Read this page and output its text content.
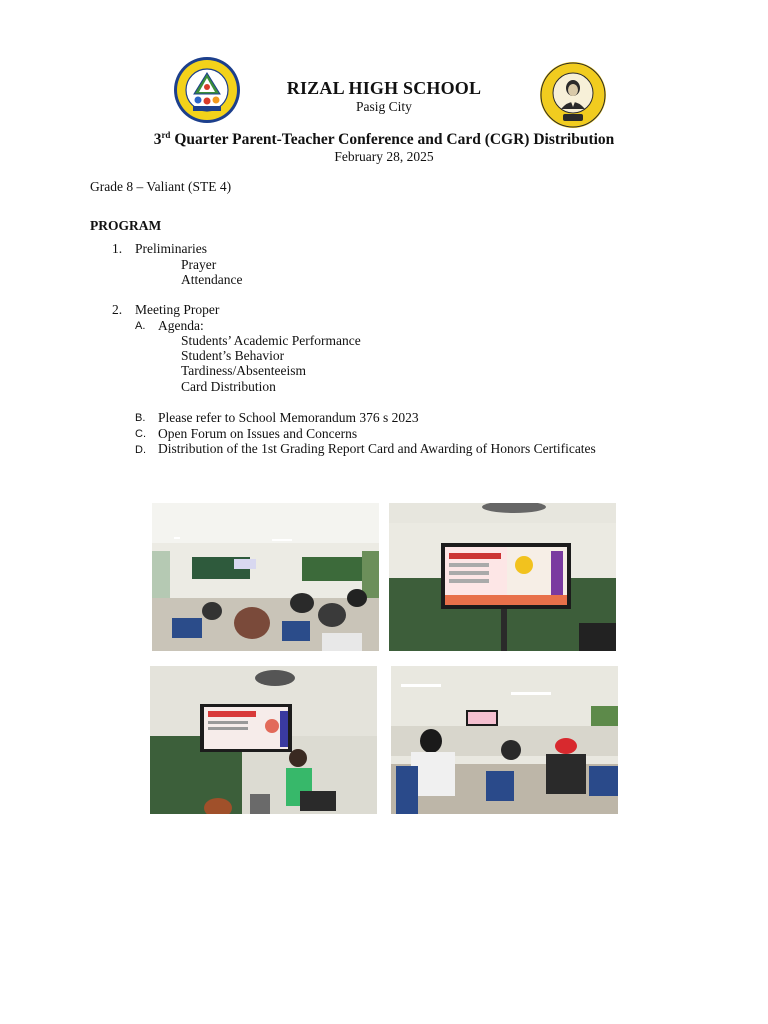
RIZAL HIGH SCHOOL
Pasig City
3rd Quarter Parent-Teacher Conference and Card (CGR) Distribution
February 28, 2025
Grade 8 – Valiant (STE 4)
PROGRAM
1. Preliminaries
Prayer
Attendance
2. Meeting Proper
A. Agenda:
Students’ Academic Performance
Student’s Behavior
Tardiness/Absenteeism
Card Distribution
B. Please refer to School Memorandum 376 s 2023
C. Open Forum on Issues and Concerns
D. Distribution of the 1st Grading Report Card and Awarding of Honors Certificates
